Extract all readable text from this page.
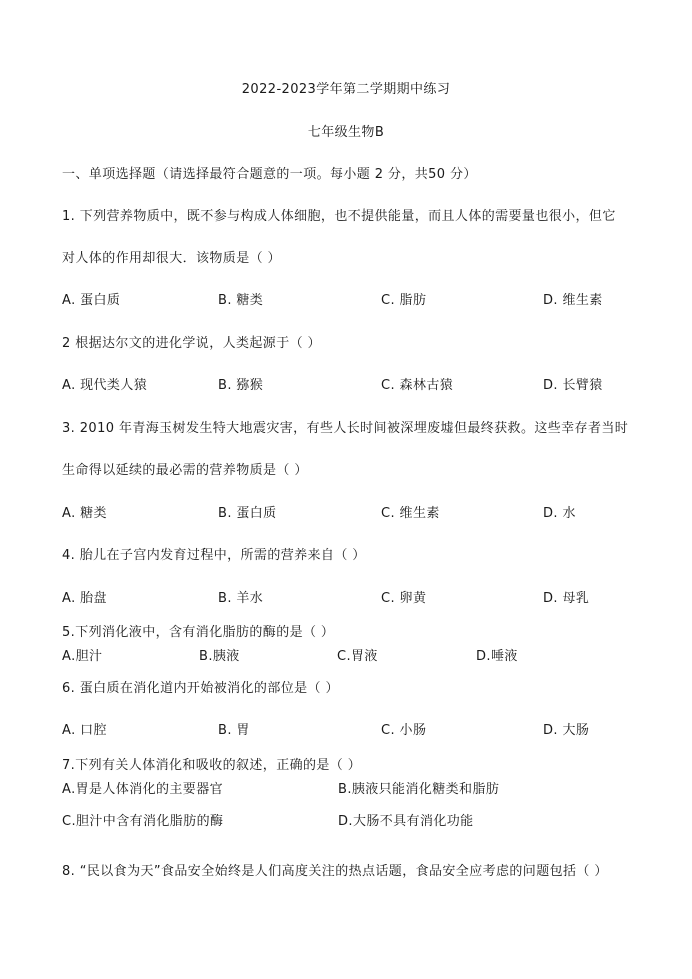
2022-2023学年第二学期期中练习
七年级生物B
一、单项选择题（请选择最符合题意的一项。每小题 2 分，共50 分）
1. 下列营养物质中，既不参与构成人体细胞，也不提供能量，而且人体的需要量也很小，但它
对人体的作用却很大．该物质是（ ）
A. 蛋白质	B. 糖类	C. 脂肪	D. 维生素
2 根据达尔文的进化学说，人类起源于（ ）
A. 现代类人猿	B. 猕猴	C. 森林古猿	D. 长臂猿
3. 2010 年青海玉树发生特大地震灾害，有些人长时间被深埋废墟但最终获救。这些幸存者当时
生命得以延续的最必需的营养物质是（ ）
A. 糖类	B. 蛋白质	C. 维生素	D. 水
4. 胎儿在子宫内发育过程中，所需的营养来自（ ）
A. 胎盘	B. 羊水	C. 卵黄	D. 母乳
5.下列消化液中，含有消化脂肪的酶的是（ ）
A.胆汁	B.胰液	C.胃液	D.唾液
6. 蛋白质在消化道内开始被消化的部位是（ ）
A. 口腔	B. 胃	C. 小肠	D. 大肠
7.下列有关人体消化和吸收的叙述，正确的是（ ）
A.胃是人体消化的主要器官	B.胰液只能消化糖类和脂肪
C.胆汁中含有消化脂肪的酶	D.大肠不具有消化功能
8. “民以食为天”食品安全始终是人们高度关注的热点话题，食品安全应考虑的问题包括（ ）
